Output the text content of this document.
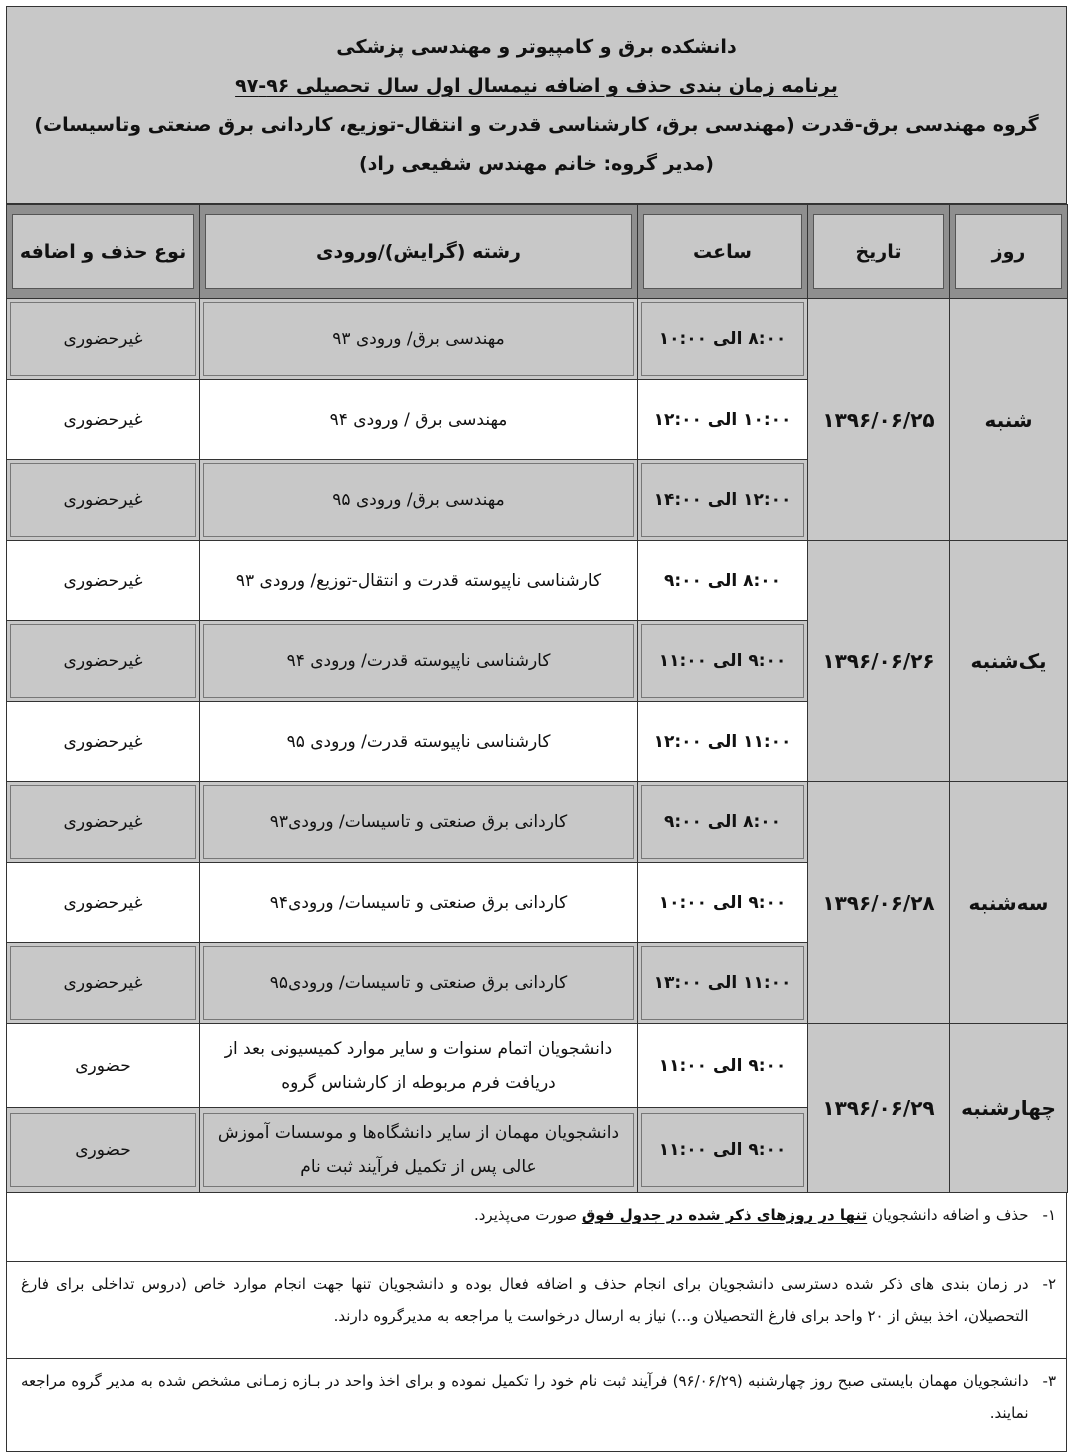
دانشکده برق و کامپیوتر و مهندسی پزشکی
برنامه زمان بندی حذف و اضافه نیمسال اول سال تحصیلی ۹۶-۹۷
گروه مهندسی برق-قدرت (مهندسی برق، کارشناسی قدرت و انتقال-توزیع، کاردانی برق صنعتی وتاسیسات)
(مدیر گروه: خانم مهندس شفیعی راد)
روز	تاریخ	ساعت	رشته (گرایش)/ورودی	نوع حذف و اضافه

شنبه	۱۳۹۶/۰۶/۲۵	۸:۰۰ الی ۱۰:۰۰	مهندسی برق/ ورودی ۹۳	غیرحضوری

۱۰:۰۰ الی ۱۲:۰۰	مهندسی برق / ورودی ۹۴	غیرحضوری

۱۲:۰۰ الی ۱۴:۰۰	مهندسی برق/ ورودی ۹۵	غیرحضوری

یک‌شنبه	۱۳۹۶/۰۶/۲۶	۸:۰۰ الی ۹:۰۰	کارشناسی ناپیوسته قدرت و انتقال-توزیع/ ورودی ۹۳	غیرحضوری

۹:۰۰ الی ۱۱:۰۰	کارشناسی ناپیوسته قدرت/ ورودی ۹۴	غیرحضوری

۱۱:۰۰ الی ۱۲:۰۰	کارشناسی ناپیوسته قدرت/ ورودی ۹۵	غیرحضوری

سه‌شنبه	۱۳۹۶/۰۶/۲۸	۸:۰۰ الی ۹:۰۰	کاردانی برق صنعتی و تاسیسات/ ورودی۹۳	غیرحضوری

۹:۰۰ الی ۱۰:۰۰	کاردانی برق صنعتی و تاسیسات/ ورودی۹۴	غیرحضوری

۱۱:۰۰ الی ۱۳:۰۰	کاردانی برق صنعتی و تاسیسات/ ورودی۹۵	غیرحضوری

چهارشنبه	۱۳۹۶/۰۶/۲۹	۹:۰۰ الی ۱۱:۰۰	دانشجویان اتمام سنوات و سایر موارد کمیسیونی بعد از دریافت فرم مربوطه از کارشناس گروه	حضوری

۹:۰۰ الی ۱۱:۰۰	دانشجویان مهمان از سایر دانشگاه‌ها و موسسات آموزش عالی پس از تکمیل فرآیند ثبت نام	حضوری
۱-
حذف و اضافه دانشجویان تنها در روزهای ذکر شده در جدول فوق صورت می‌پذیرد.
۲-
در زمان بندی های ذکر شده دسترسی دانشجویان برای انجام حذف و اضافه فعال بوده و دانشجویان تنها جهت انجام موارد خاص (دروس تداخلی برای فارغ التحصیلان، اخذ بیش از ۲۰ واحد برای فارغ التحصیلان و...) نیاز به ارسال درخواست یا مراجعه به مدیرگروه دارند.
۳-
دانشجویان مهمان بایستی صبح روز چهارشنبه (۹۶/۰۶/۲۹) فرآیند ثبت نام خود را تکمیل نموده و برای اخذ واحد در بـازه زمـانی مشخص شده به مدیر گروه مراجعه نمایند.
